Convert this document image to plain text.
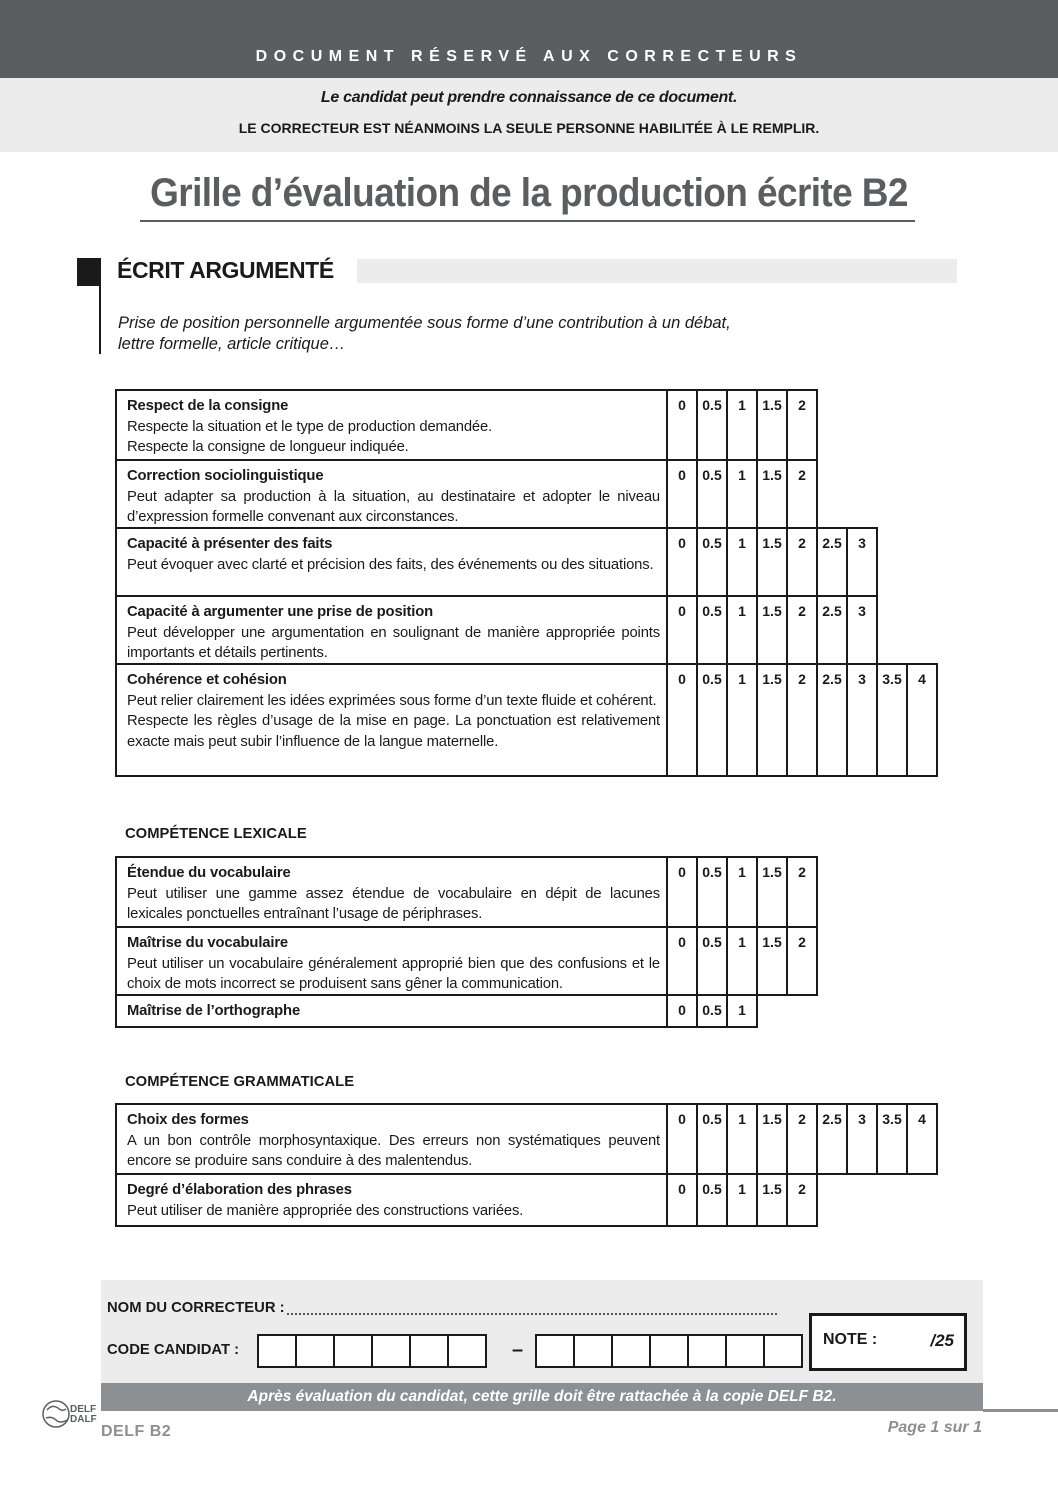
DOCUMENT RÉSERVÉ AUX CORRECTEURS
Le candidat peut prendre connaissance de ce document.
LE CORRECTEUR EST NÉANMOINS LA SEULE PERSONNE HABILITÉE À LE REMPLIR.
Grille d’évaluation de la production écrite B2
ÉCRIT ARGUMENTÉ
Prise de position personnelle argumentée sous forme d’une contribution à un débat,
lettre formelle, article critique…
COMPÉTENCE LEXICALE
COMPÉTENCE GRAMMATICALE
Respect de la consigne
Respecte la situation et le type de production demandée.
Respecte la consigne de longueur indiquée.
0	0.5	1	1.5	2
Correction sociolinguistique
Peut adapter sa production à la situation, au destinataire et adopter le niveau d’expression formelle convenant aux circonstances.
0	0.5	1	1.5	2
Capacité à présenter des faits
Peut évoquer avec clarté et précision des faits, des événements ou des situations.
0	0.5	1	1.5	2	2.5	3
Capacité à argumenter une prise de position
Peut développer une argumentation en soulignant de manière appropriée points importants et détails pertinents.
0	0.5	1	1.5	2	2.5	3
Cohérence et cohésion
Peut relier clairement les idées exprimées sous forme d’un texte fluide et cohérent.
Respecte les règles d’usage de la mise en page. La ponctuation est relativement exacte mais peut subir l’influence de la langue maternelle.
0	0.5	1	1.5	2	2.5	3	3.5	4
Étendue du vocabulaire
Peut utiliser une gamme assez étendue de vocabulaire en dépit de lacunes lexicales ponctuelles entraînant l’usage de périphrases.
0	0.5	1	1.5	2
Maîtrise du vocabulaire
Peut utiliser un vocabulaire généralement approprié bien que des confusions et le choix de mots incorrect se produisent sans gêner la communication.
0	0.5	1	1.5	2
Maîtrise de l’orthographe	0	0.5	1
Choix des formes
A un bon contrôle morphosyntaxique. Des erreurs non systématiques peuvent encore se produire sans conduire à des malentendus.
0	0.5	1	1.5	2	2.5	3	3.5	4
Degré d’élaboration des phrases
Peut utiliser de manière appropriée des constructions variées.
0	0.5	1	1.5	2
NOM DU CORRECTEUR :
CODE CANDIDAT :	–	NOTE :	/25
Après évaluation du candidat, cette grille doit être rattachée à la copie DELF B2.
DELF
DALF
DELF B2	Page 1 sur 1
